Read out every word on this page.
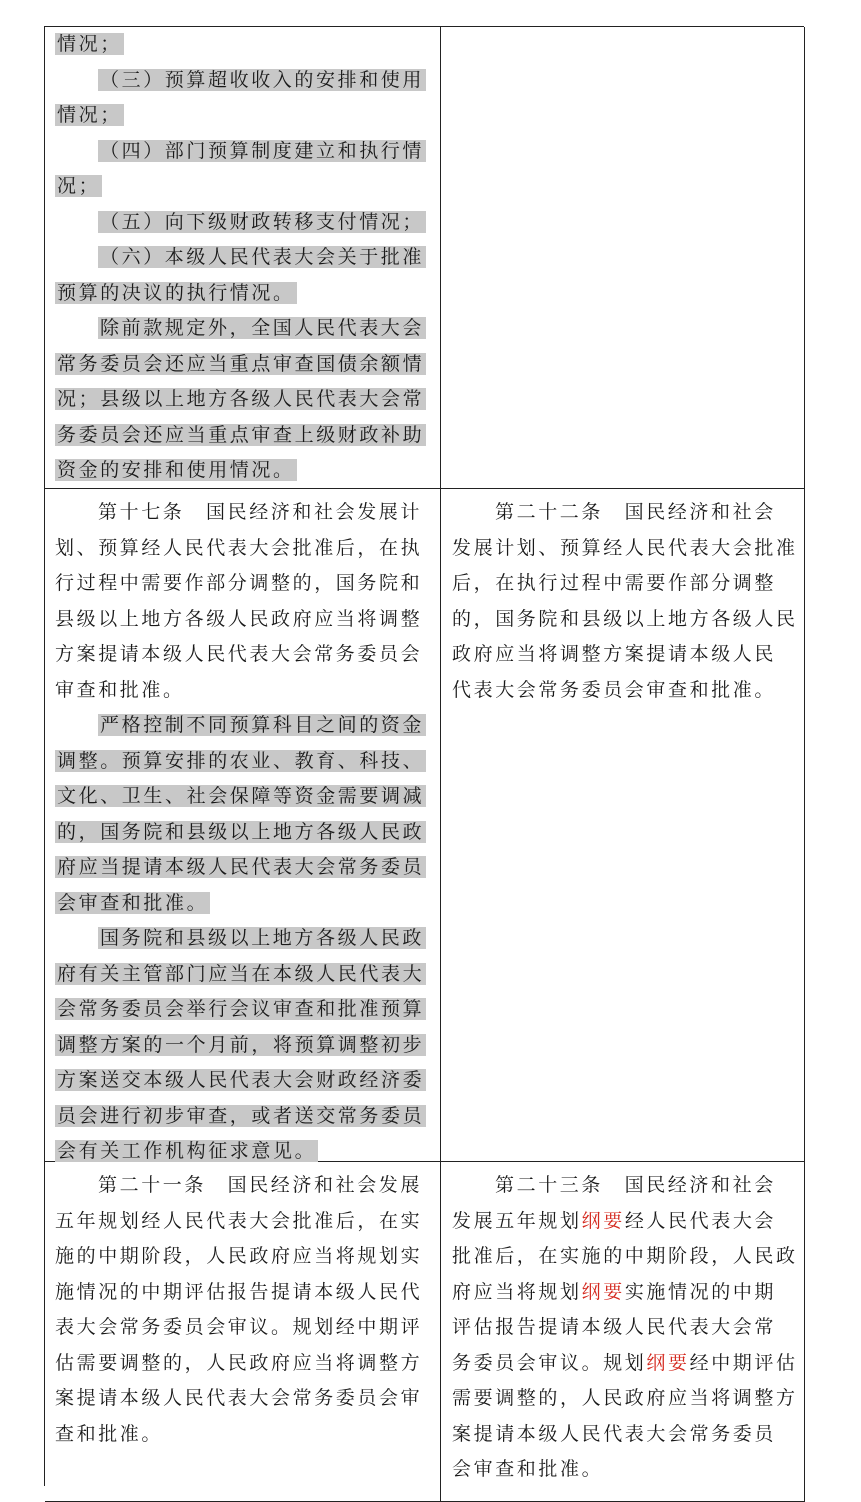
情况；
（三）预算超收收入的安排和使用
情况；
（四）部门预算制度建立和执行情
况；
（五）向下级财政转移支付情况；
（六）本级人民代表大会关于批准
预算的决议的执行情况。
除前款规定外，全国人民代表大会
常务委员会还应当重点审查国债余额情
况；县级以上地方各级人民代表大会常
务委员会还应当重点审查上级财政补助
资金的安排和使用情况。
第十七条　国民经济和社会发展计
划、预算经人民代表大会批准后，在执
行过程中需要作部分调整的，国务院和
县级以上地方各级人民政府应当将调整
方案提请本级人民代表大会常务委员会
审查和批准。
严格控制不同预算科目之间的资金
调整。预算安排的农业、教育、科技、
文化、卫生、社会保障等资金需要调减
的，国务院和县级以上地方各级人民政
府应当提请本级人民代表大会常务委员
会审查和批准。
国务院和县级以上地方各级人民政
府有关主管部门应当在本级人民代表大
会常务委员会举行会议审查和批准预算
调整方案的一个月前，将预算调整初步
方案送交本级人民代表大会财政经济委
员会进行初步审查，或者送交常务委员
会有关工作机构征求意见。
第二十二条　国民经济和社会
发展计划、预算经人民代表大会批准
后，在执行过程中需要作部分调整
的，国务院和县级以上地方各级人民
政府应当将调整方案提请本级人民
代表大会常务委员会审查和批准。
第二十一条　国民经济和社会发展
五年规划经人民代表大会批准后，在实
施的中期阶段，人民政府应当将规划实
施情况的中期评估报告提请本级人民代
表大会常务委员会审议。规划经中期评
估需要调整的，人民政府应当将调整方
案提请本级人民代表大会常务委员会审
查和批准。
第二十三条　国民经济和社会
发展五年规划纲要经人民代表大会
批准后，在实施的中期阶段，人民政
府应当将规划纲要实施情况的中期
评估报告提请本级人民代表大会常
务委员会审议。规划纲要经中期评估
需要调整的，人民政府应当将调整方
案提请本级人民代表大会常务委员
会审查和批准。
